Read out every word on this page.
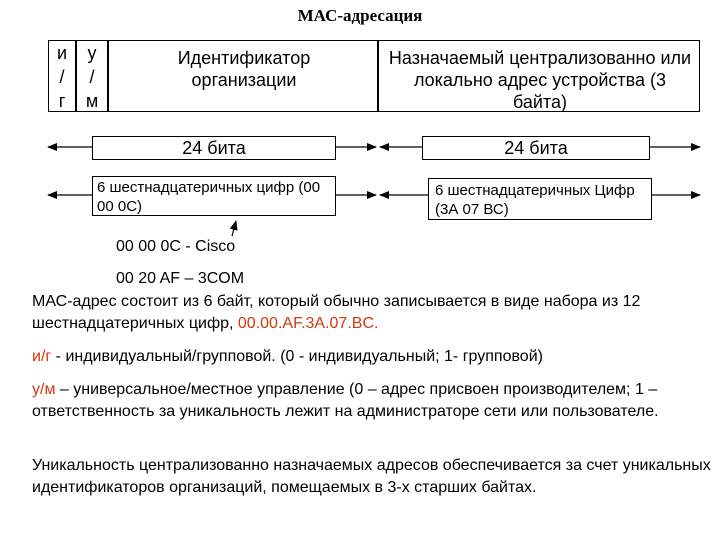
МАС-адресация
и
/
г
у
/
м
Идентификатор организации
Назначаемый централизованно или локально адрес устройства (3 байта)
24 бита	24 бита
6 шестнадцатеричных цифр (00 00 0С)
6 шестнадцатеричных Цифр (3А 07 ВС)
00 00 0С - Cisco
00 20 AF – 3COM
МАС-адрес состоит из 6 байт, который обычно записывается в виде набора из 12 шестнадцатеричных цифр, 00.00.AF.3A.07.BC.
и/г - индивидуальный/групповой. (0 - индивидуальный; 1- групповой)
у/м – универсальное/местное управление (0 – адрес присвоен производителем; 1 – ответственность за уникальность лежит на администраторе сети или пользователе.
Уникальность централизованно назначаемых адресов обеспечивается за счет уникальных идентификаторов организаций, помещаемых в 3-х старших байтах.
